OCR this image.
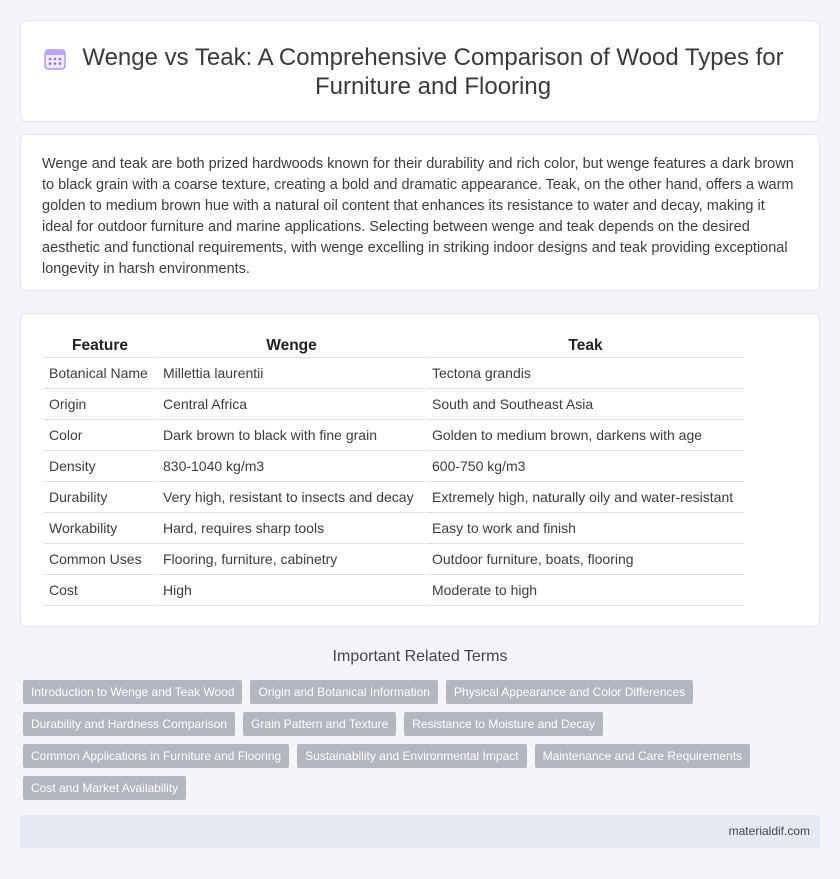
Wenge vs Teak: A Comprehensive Comparison of Wood Types for Furniture and Flooring

Wenge and teak are both prized hardwoods known for their durability and rich color, but wenge features a dark brown to black grain with a coarse texture, creating a bold and dramatic appearance. Teak, on the other hand, offers a warm golden to medium brown hue with a natural oil content that enhances its resistance to water and decay, making it ideal for outdoor furniture and marine applications. Selecting between wenge and teak depends on the desired aesthetic and functional requirements, with wenge excelling in striking indoor designs and teak providing exceptional longevity in harsh environments.

Feature	Wenge	Teak
Botanical Name	Millettia laurentii	Tectona grandis
Origin	Central Africa	South and Southeast Asia
Color	Dark brown to black with fine grain	Golden to medium brown, darkens with age
Density	830-1040 kg/m3	600-750 kg/m3
Durability	Very high, resistant to insects and decay	Extremely high, naturally oily and water-resistant
Workability	Hard, requires sharp tools	Easy to work and finish
Common Uses	Flooring, furniture, cabinetry	Outdoor furniture, boats, flooring
Cost	High	Moderate to high
Important Related Terms
Introduction to Wenge and Teak Wood	Origin and Botanical Information	Physical Appearance and Color Differences
Durability and Hardness Comparison	Grain Pattern and Texture	Resistance to Moisture and Decay
Common Applications in Furniture and Flooring	Sustainability and Environmental Impact	Maintenance and Care Requirements
Cost and Market Availability
materialdif.com
